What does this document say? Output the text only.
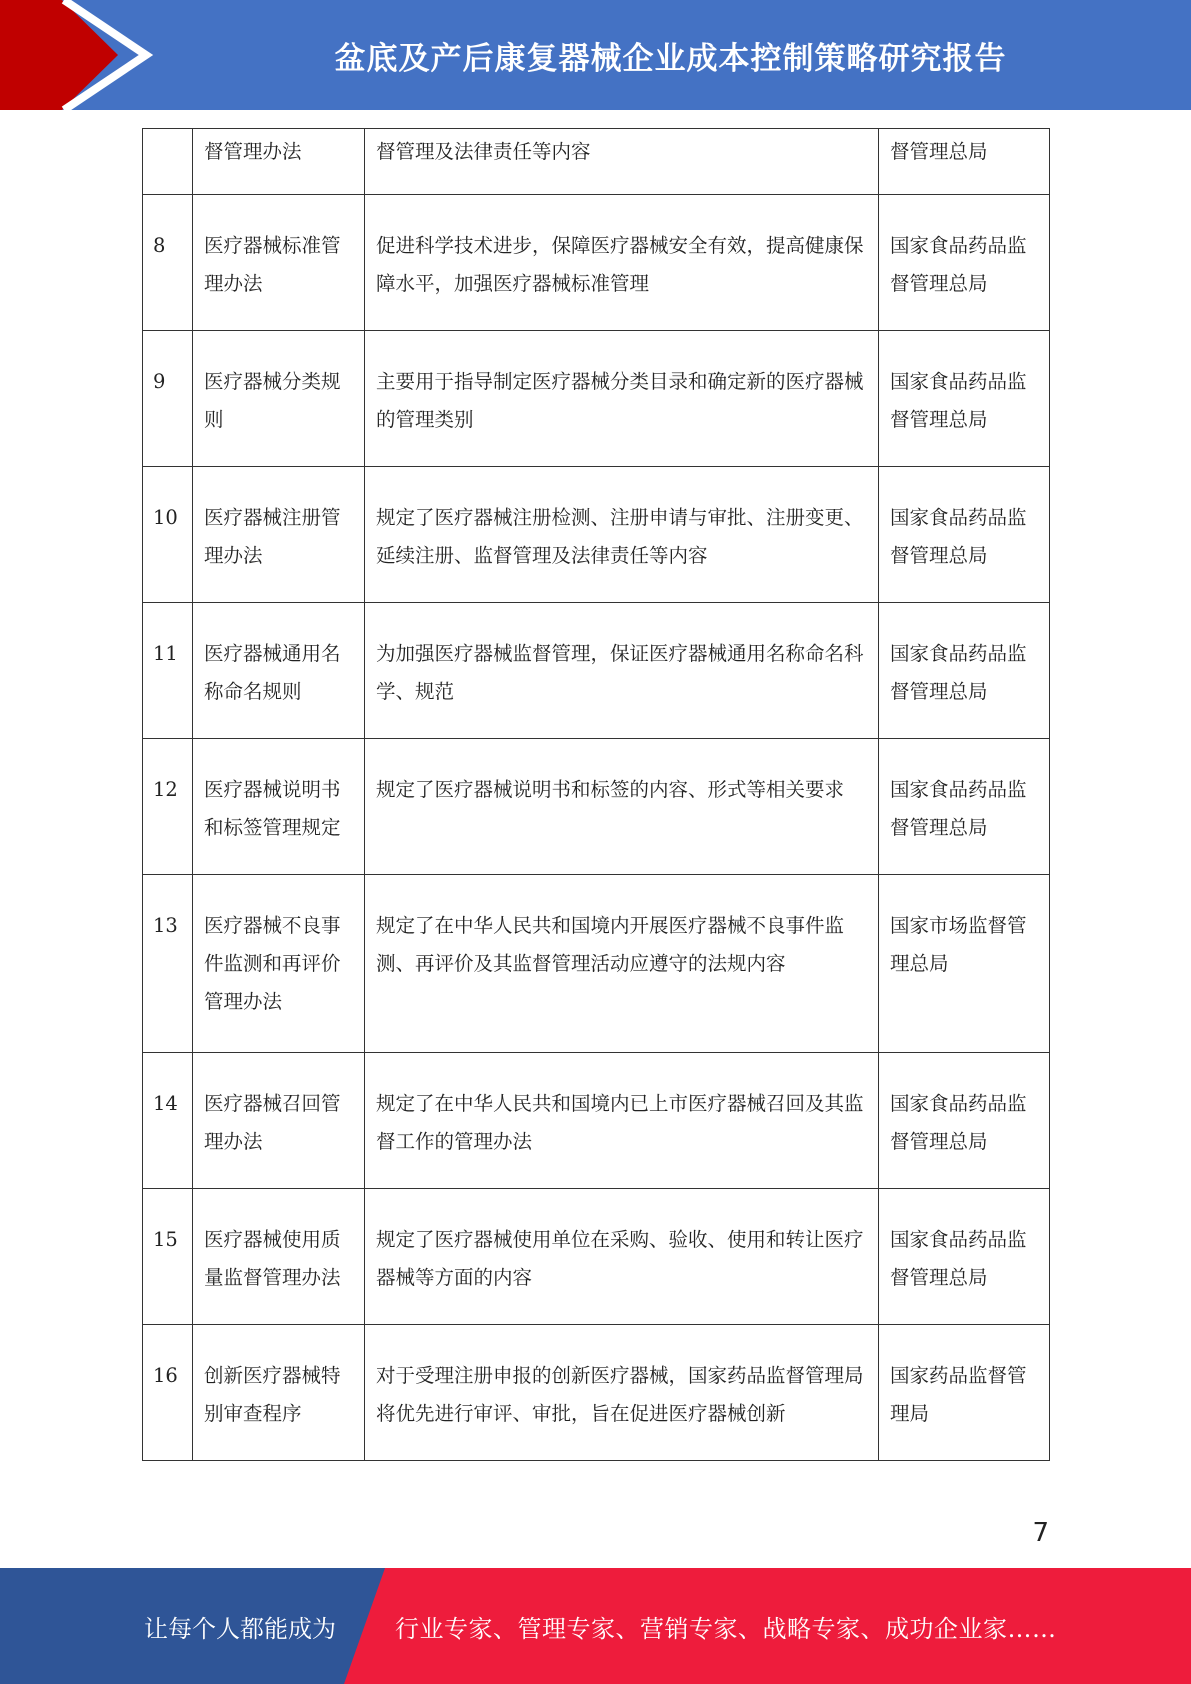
盆底及产后康复器械企业成本控制策略研究报告
	督管理办法	督管理及法律责任等内容	督管理总局
8	医疗器械标准管理办法	促进科学技术进步，保障医疗器械安全有效，提高健康保障水平，加强医疗器械标准管理	国家食品药品监督管理总局
9	医疗器械分类规则	主要用于指导制定医疗器械分类目录和确定新的医疗器械的管理类别	国家食品药品监督管理总局
10	医疗器械注册管理办法	规定了医疗器械注册检测、注册申请与审批、注册变更、延续注册、监督管理及法律责任等内容	国家食品药品监督管理总局
11	医疗器械通用名称命名规则	为加强医疗器械监督管理，保证医疗器械通用名称命名科学、规范	国家食品药品监督管理总局
12	医疗器械说明书和标签管理规定	规定了医疗器械说明书和标签的内容、形式等相关要求	国家食品药品监督管理总局
13	医疗器械不良事件监测和再评价管理办法	规定了在中华人民共和国境内开展医疗器械不良事件监测、再评价及其监督管理活动应遵守的法规内容	国家市场监督管理总局
14	医疗器械召回管理办法	规定了在中华人民共和国境内已上市医疗器械召回及其监督工作的管理办法	国家食品药品监督管理总局
15	医疗器械使用质量监督管理办法	规定了医疗器械使用单位在采购、验收、使用和转让医疗器械等方面的内容	国家食品药品监督管理总局
16	创新医疗器械特别审查程序	对于受理注册申报的创新医疗器械，国家药品监督管理局将优先进行审评、审批，旨在促进医疗器械创新	国家药品监督管理局
7
让每个人都能成为	行业专家、管理专家、营销专家、战略专家、成功企业家……
